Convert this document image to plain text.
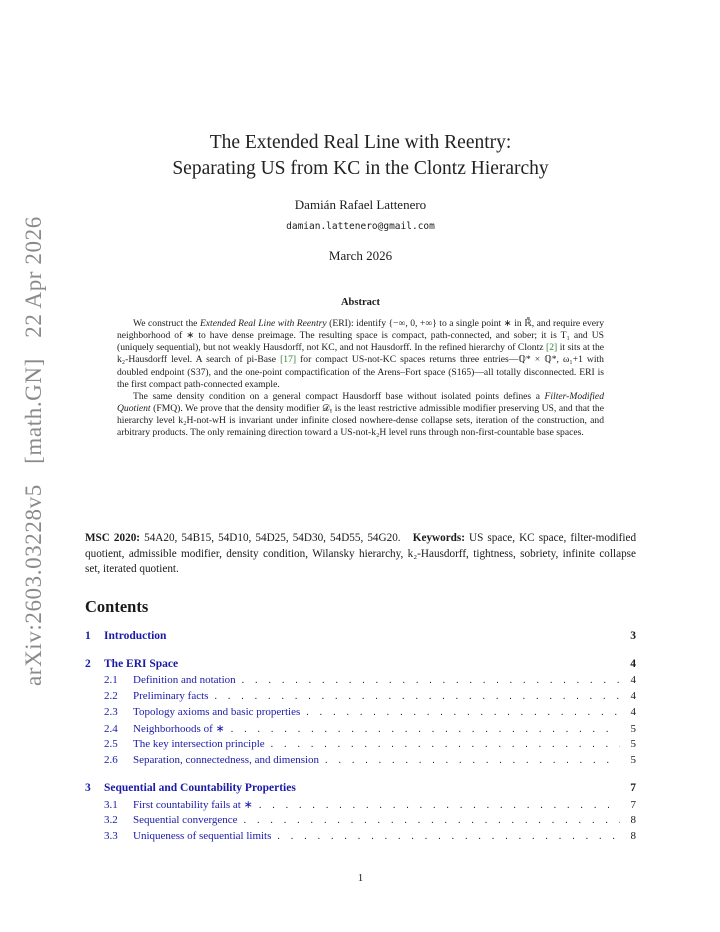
arXiv:2603.03228v5 [math.GN] 22 Apr 2026
The Extended Real Line with Reentry:
Separating US from KC in the Clontz Hierarchy
Damián Rafael Lattenero
damian.lattenero@gmail.com
March 2026
Abstract

We construct the Extended Real Line with Reentry (ERI): identify {−∞, 0, +∞} to a single point ∗ in ℝ̄, and require every neighborhood of ∗ to have dense preimage. The resulting space is compact, path-connected, and sober; it is T₁ and US (uniquely sequential), but not weakly Hausdorff, not KC, and not Hausdorff. In the refined hierarchy of Clontz [2] it sits at the k₂-Hausdorff level. A search of pi-Base [17] for compact US-not-KC spaces returns three entries—ℚ* × ℚ*, ω₁+1 with doubled endpoint (S37), and the one-point compactification of the Arens–Fort space (S165)—all totally disconnected. ERI is the first compact path-connected example.

The same density condition on a general compact Hausdorff base without isolated points defines a Filter-Modified Quotient (FMQ). We prove that the density modifier 𝒟ᵧ is the least restrictive admissible modifier preserving US, and that the hierarchy level k₂H-not-wH is invariant under infinite closed nowhere-dense collapse sets, iteration of the construction, and arbitrary products. The only remaining direction toward a US-not-k₂H level runs through non-first-countable base spaces.

MSC 2020: 54A20, 54B15, 54D10, 54D25, 54D30, 54D55, 54G20. Keywords: US space, KC space, filter-modified quotient, admissible modifier, density condition, Wilansky hierarchy, k₂-Hausdorff, tightness, sobriety, infinite collapse set, iterated quotient.
Contents
1	Introduction	3
2	The ERI Space	4
2.1	Definition and notation . . .	4
2.2	Preliminary facts . . .	4
2.3	Topology axioms and basic properties . . .	4
2.4	Neighborhoods of ∗ . . .	5
2.5	The key intersection principle . . .	5
2.6	Separation, connectedness, and dimension . . .	5
3	Sequential and Countability Properties	7
3.1	First countability fails at ∗ . . .	7
3.2	Sequential convergence . . .	8
3.3	Uniqueness of sequential limits . . .	8
1
